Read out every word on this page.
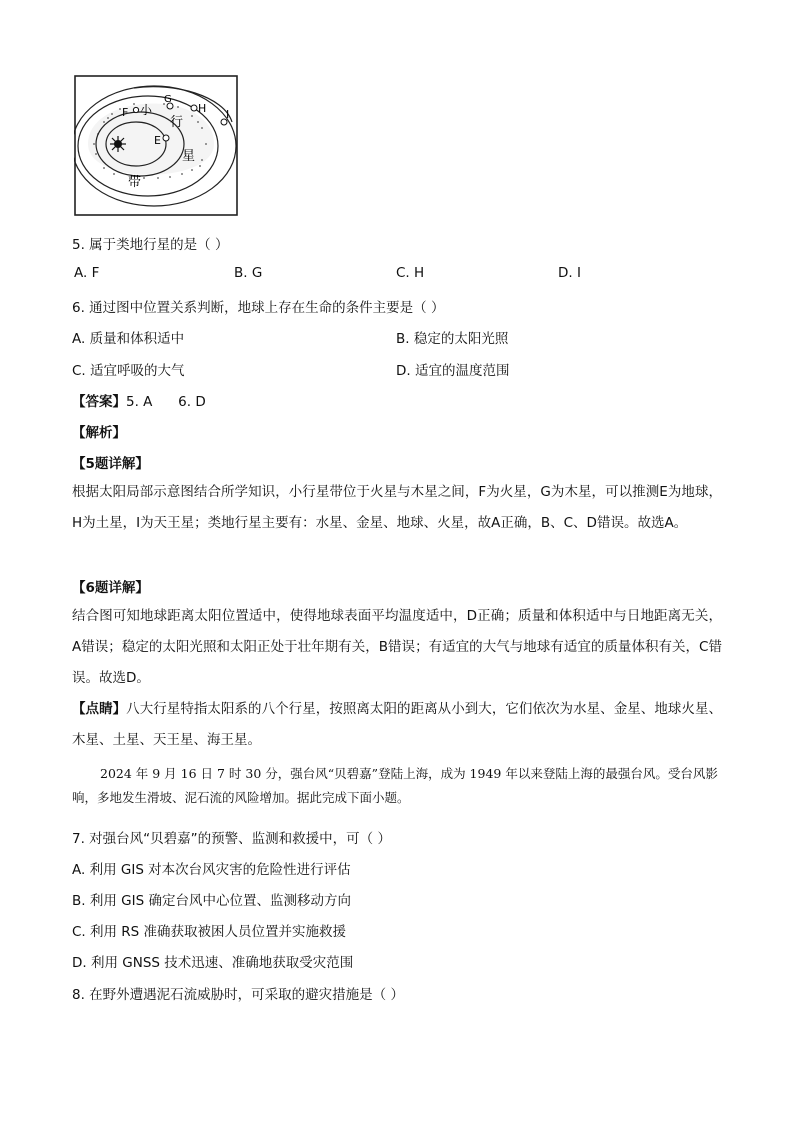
F
G
H I
E
小
行
星
带
5. 属于类地行星的是（ ）
A. F	B. G	C. H	D. I
6. 通过图中位置关系判断，地球上存在生命的条件主要是（ ）
A. 质量和体积适中	B. 稳定的太阳光照
C. 适宜呼吸的大气	D. 适宜的温度范围
【答案】5. A      6. D
【解析】
【5题详解】
根据太阳局部示意图结合所学知识，小行星带位于火星与木星之间，F为火星，G为木星，可以推测E为地球，H为土星，I为天王星；类地行星主要有：水星、金星、地球、火星，故A正确，B、C、D错误。故选A。
【6题详解】
结合图可知地球距离太阳位置适中，使得地球表面平均温度适中，D正确；质量和体积适中与日地距离无关，A错误；稳定的太阳光照和太阳正处于壮年期有关，B错误；有适宜的大气与地球有适宜的质量体积有关，C错误。故选D。
【点睛】八大行星特指太阳系的八个行星，按照离太阳的距离从小到大，它们依次为水星、金星、地球火星、木星、土星、天王星、海王星。
2024 年 9 月 16 日 7 时 30 分，强台风“贝碧嘉”登陆上海，成为 1949 年以来登陆上海的最强台风。受台风影响，多地发生滑坡、泥石流的风险增加。据此完成下面小题。
7. 对强台风“贝碧嘉”的预警、监测和救援中，可（ ）
A. 利用 GIS 对本次台风灾害的危险性进行评估
B. 利用 GIS 确定台风中心位置、监测移动方向
C. 利用 RS 准确获取被困人员位置并实施救援
D. 利用 GNSS 技术迅速、准确地获取受灾范围
8. 在野外遭遇泥石流威胁时，可采取的避灾措施是（ ）
